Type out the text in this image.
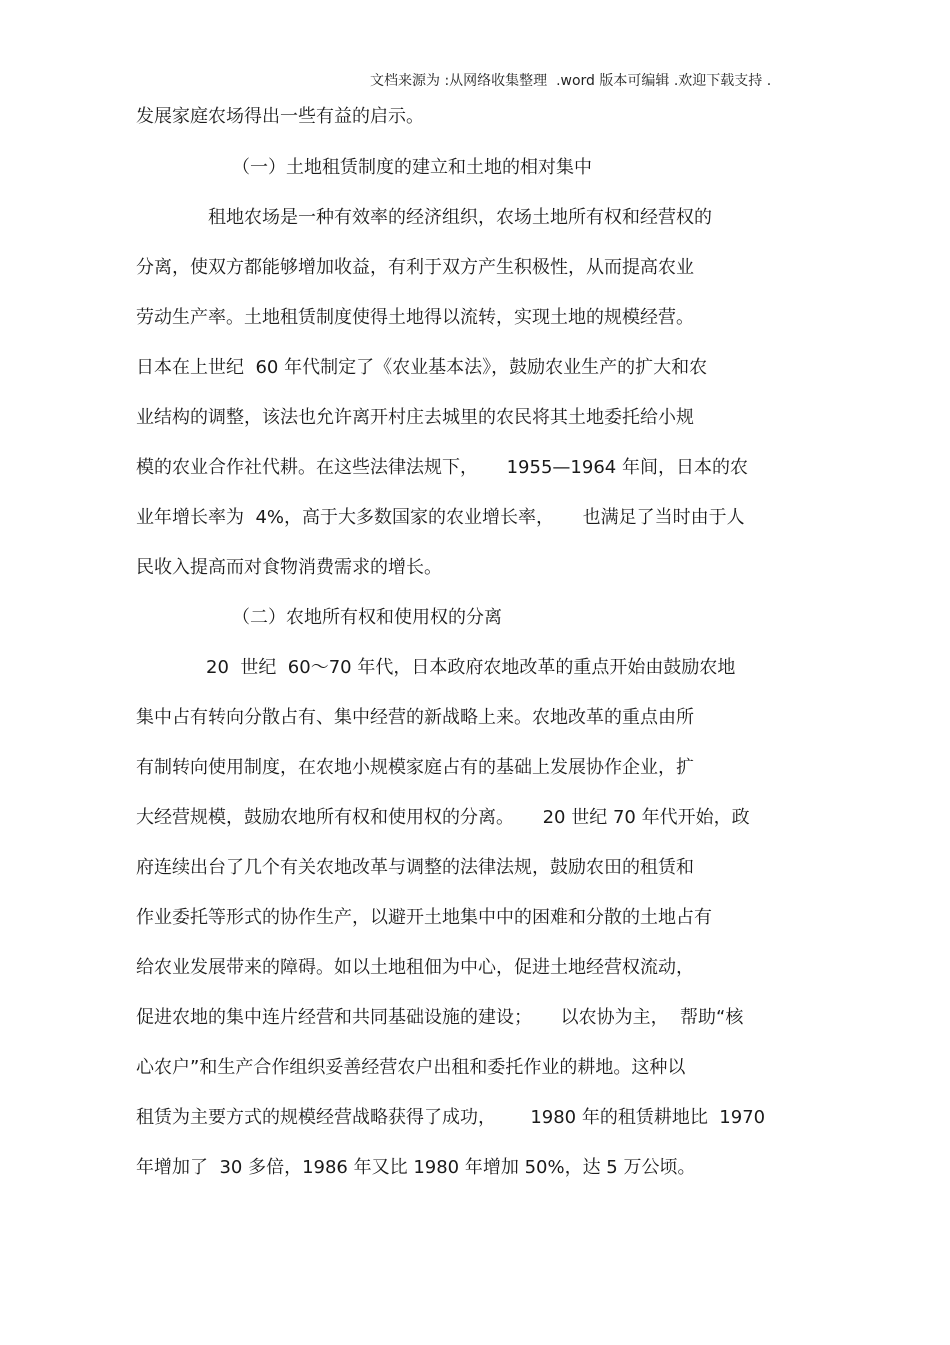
文档来源为 :从网络收集整理  .word 版本可编辑 .欢迎下载支持 .
发展家庭农场得出一些有益的启示。
（一）土地租赁制度的建立和土地的相对集中
租地农场是一种有效率的经济组织，农场土地所有权和经营权的
分离，使双方都能够增加收益，有利于双方产生积极性，从而提高农业
劳动生产率。土地租赁制度使得土地得以流转，实现土地的规模经营。
日本在上世纪  60 年代制定了《农业基本法》，鼓励农业生产的扩大和农
业结构的调整，该法也允许离开村庄去城里的农民将其土地委托给小规
模的农业合作社代耕。在这些法律法规下，     1955—1964 年间，日本的农
业年增长率为  4%，高于大多数国家的农业增长率，     也满足了当时由于人
民收入提高而对食物消费需求的增长。
（二）农地所有权和使用权的分离
20  世纪  60～70 年代，日本政府农地改革的重点开始由鼓励农地
集中占有转向分散占有、集中经营的新战略上来。农地改革的重点由所
有制转向使用制度，在农地小规模家庭占有的基础上发展协作企业，扩
大经营规模，鼓励农地所有权和使用权的分离。     20 世纪 70 年代开始，政
府连续出台了几个有关农地改革与调整的法律法规，鼓励农田的租赁和
作业委托等形式的协作生产，以避开土地集中中的困难和分散的土地占有
给农业发展带来的障碍。如以土地租佃为中心，促进土地经营权流动，
促进农地的集中连片经营和共同基础设施的建设；     以农协为主，  帮助“核
心农户”和生产合作组织妥善经营农户出租和委托作业的耕地。这种以
租赁为主要方式的规模经营战略获得了成功，      1980 年的租赁耕地比  1970
年增加了  30 多倍，1986 年又比 1980 年增加 50%，达 5 万公顷。
